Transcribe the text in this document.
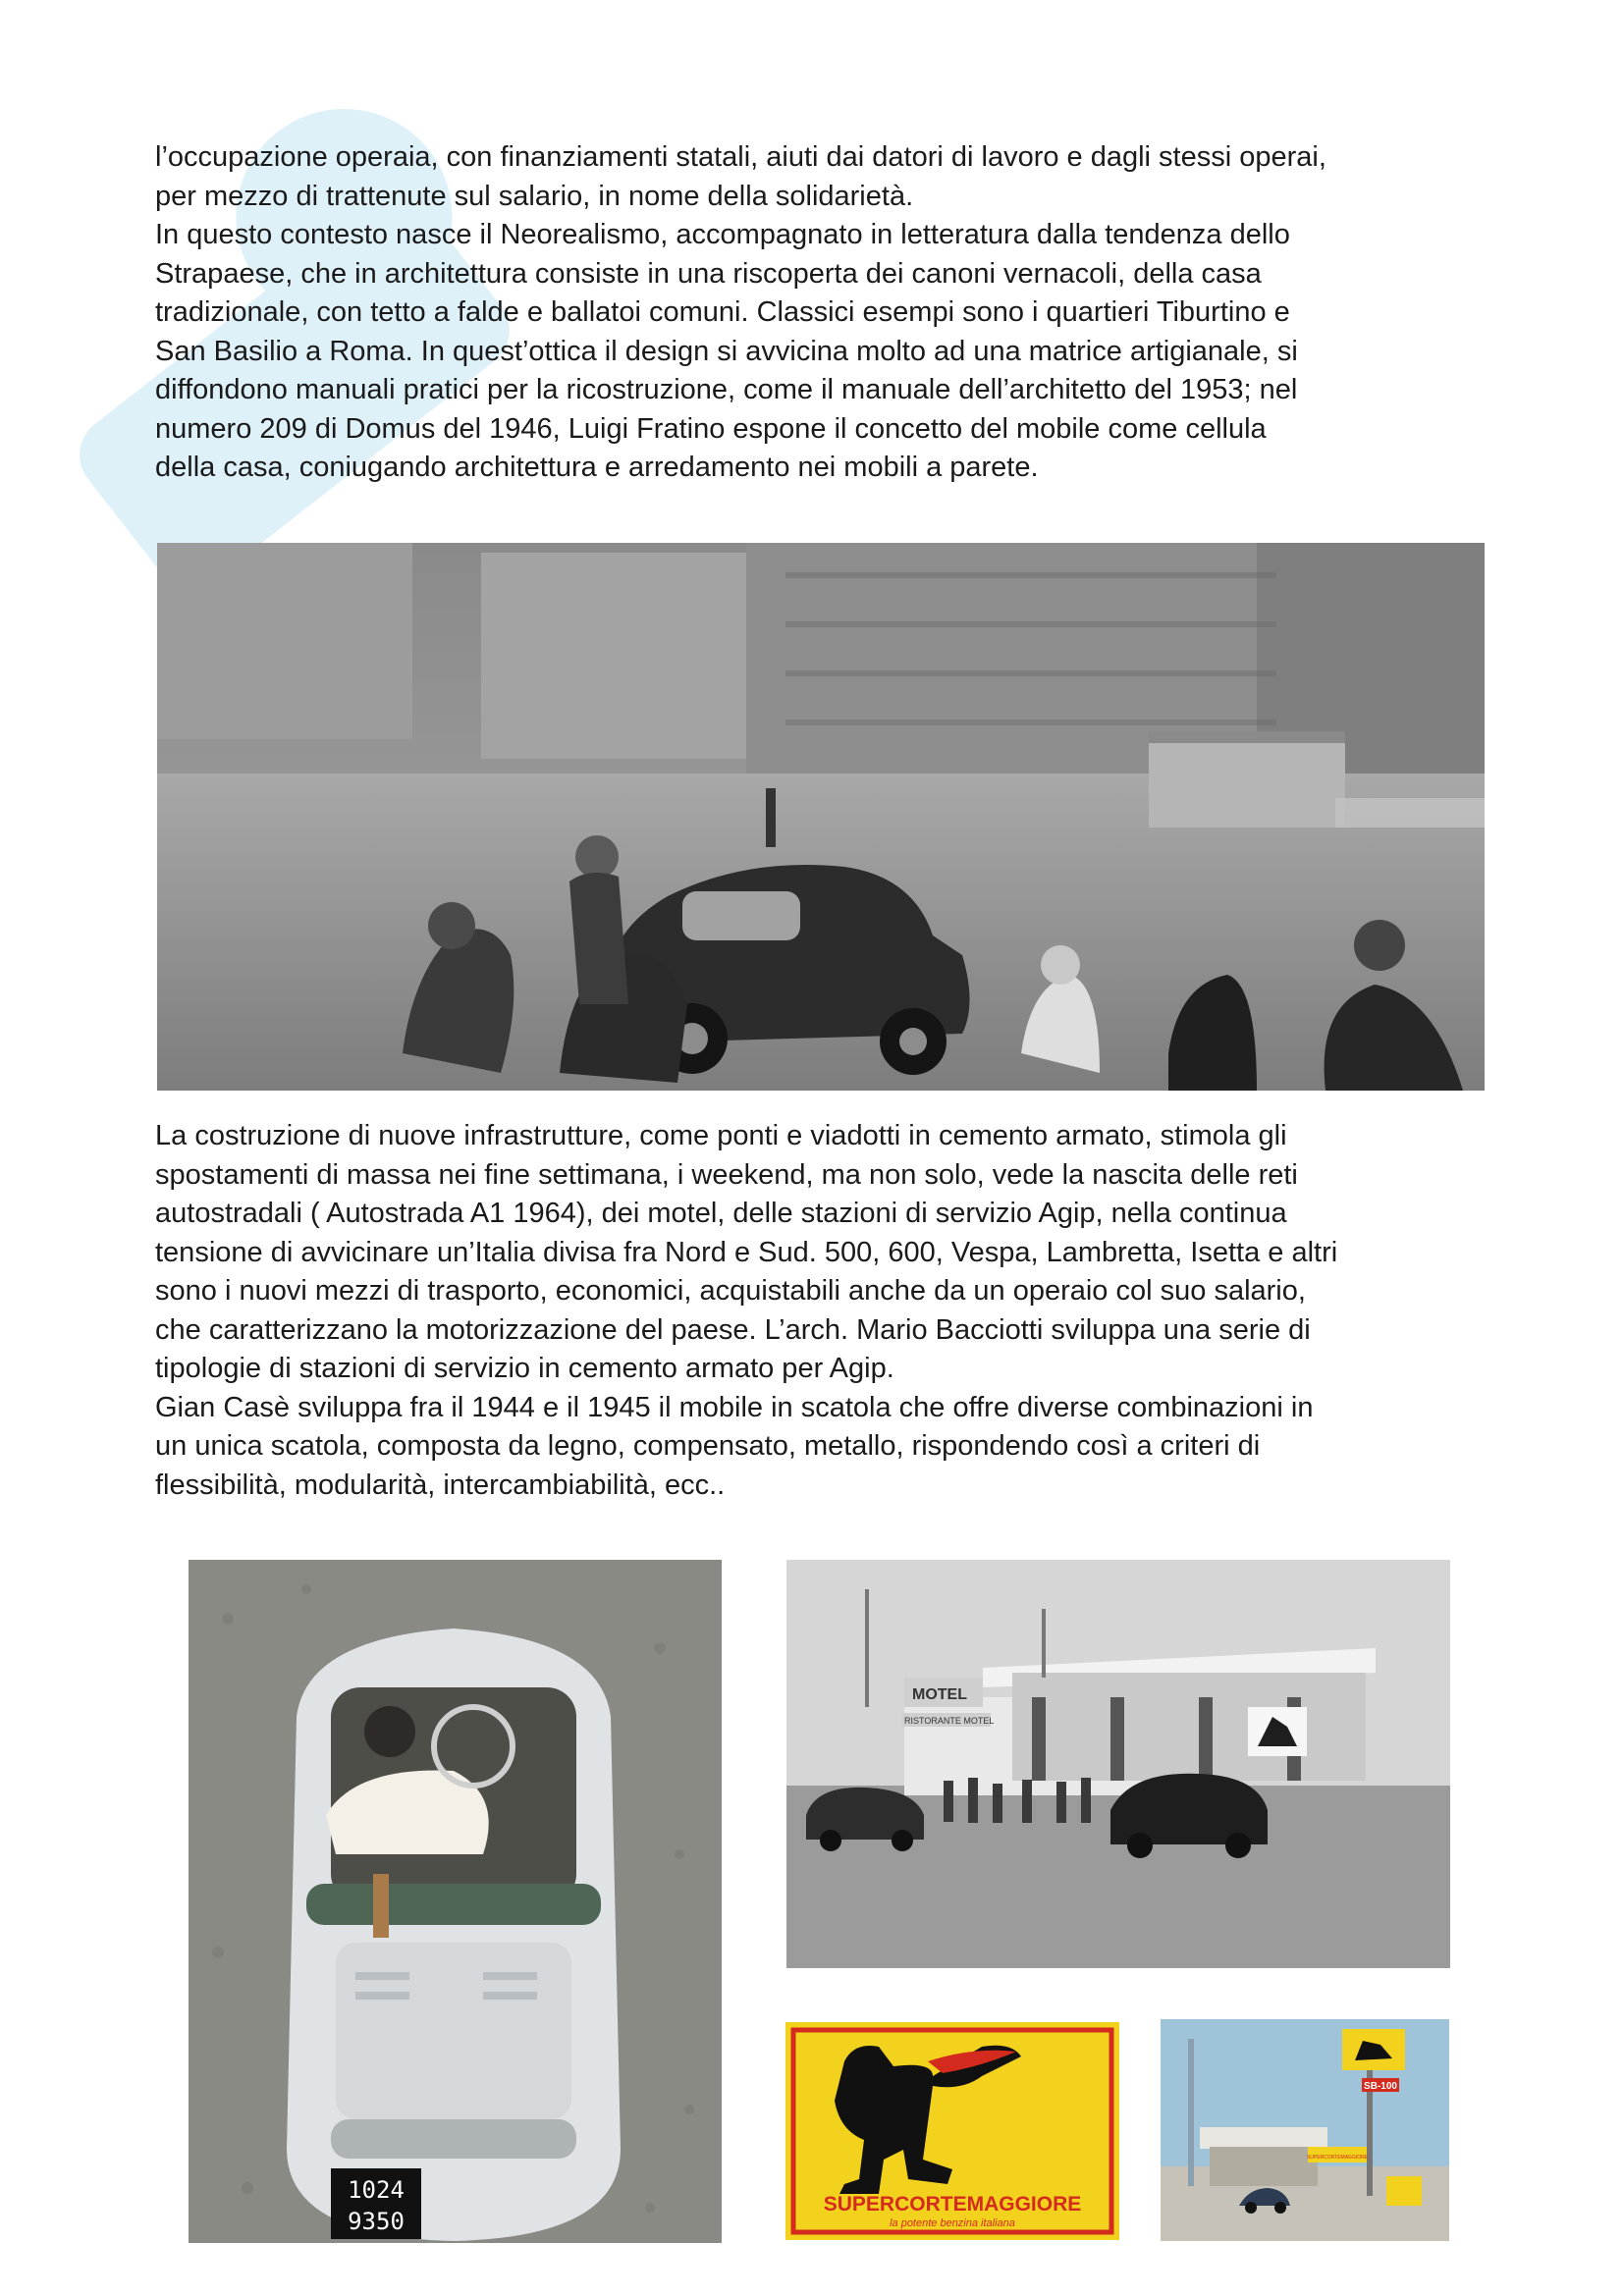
l’occupazione operaia, con finanziamenti statali, aiuti dai datori di lavoro e dagli stessi operai,
per mezzo di trattenute sul salario, in nome della solidarietà.
In questo contesto nasce il Neorealismo, accompagnato in letteratura dalla tendenza dello
Strapaese, che in architettura consiste in una riscoperta dei canoni vernacoli, della casa
tradizionale, con tetto a falde e ballatoi comuni. Classici esempi sono i quartieri Tiburtino e
San Basilio a Roma. In quest’ottica il design si avvicina molto ad una matrice artigianale, si
diffondono manuali pratici per la ricostruzione, come il manuale dell’architetto del 1953; nel
numero 209 di Domus del 1946, Luigi Fratino espone il concetto del mobile come cellula
della casa, coniugando architettura e arredamento nei mobili a parete.

La costruzione di nuove infrastrutture, come ponti e viadotti in cemento armato, stimola gli
spostamenti di massa nei fine settimana, i weekend, ma non solo, vede la nascita delle reti
autostradali ( Autostrada A1 1964), dei motel, delle stazioni di servizio Agip, nella continua
tensione di avvicinare un’Italia divisa fra Nord e Sud. 500, 600, Vespa, Lambretta, Isetta e altri
sono i nuovi mezzi di trasporto, economici, acquistabili anche da un operaio col suo salario,
che caratterizzano la motorizzazione del paese. L’arch. Mario Bacciotti sviluppa una serie di
tipologie di stazioni di servizio in cemento armato per Agip.
Gian Casè sviluppa fra il 1944 e il 1945 il mobile in scatola che offre diverse combinazioni in
un unica scatola, composta da legno, compensato, metallo, rispondendo così a criteri di
flessibilità, modularità, intercambiabilità, ecc..

1024
9350
MOTEL
RISTORANTE MOTEL
SUPERCORTEMAGGIORE
la potente benzina italiana
SB-100
SUPERCORTEMAGGIORE
